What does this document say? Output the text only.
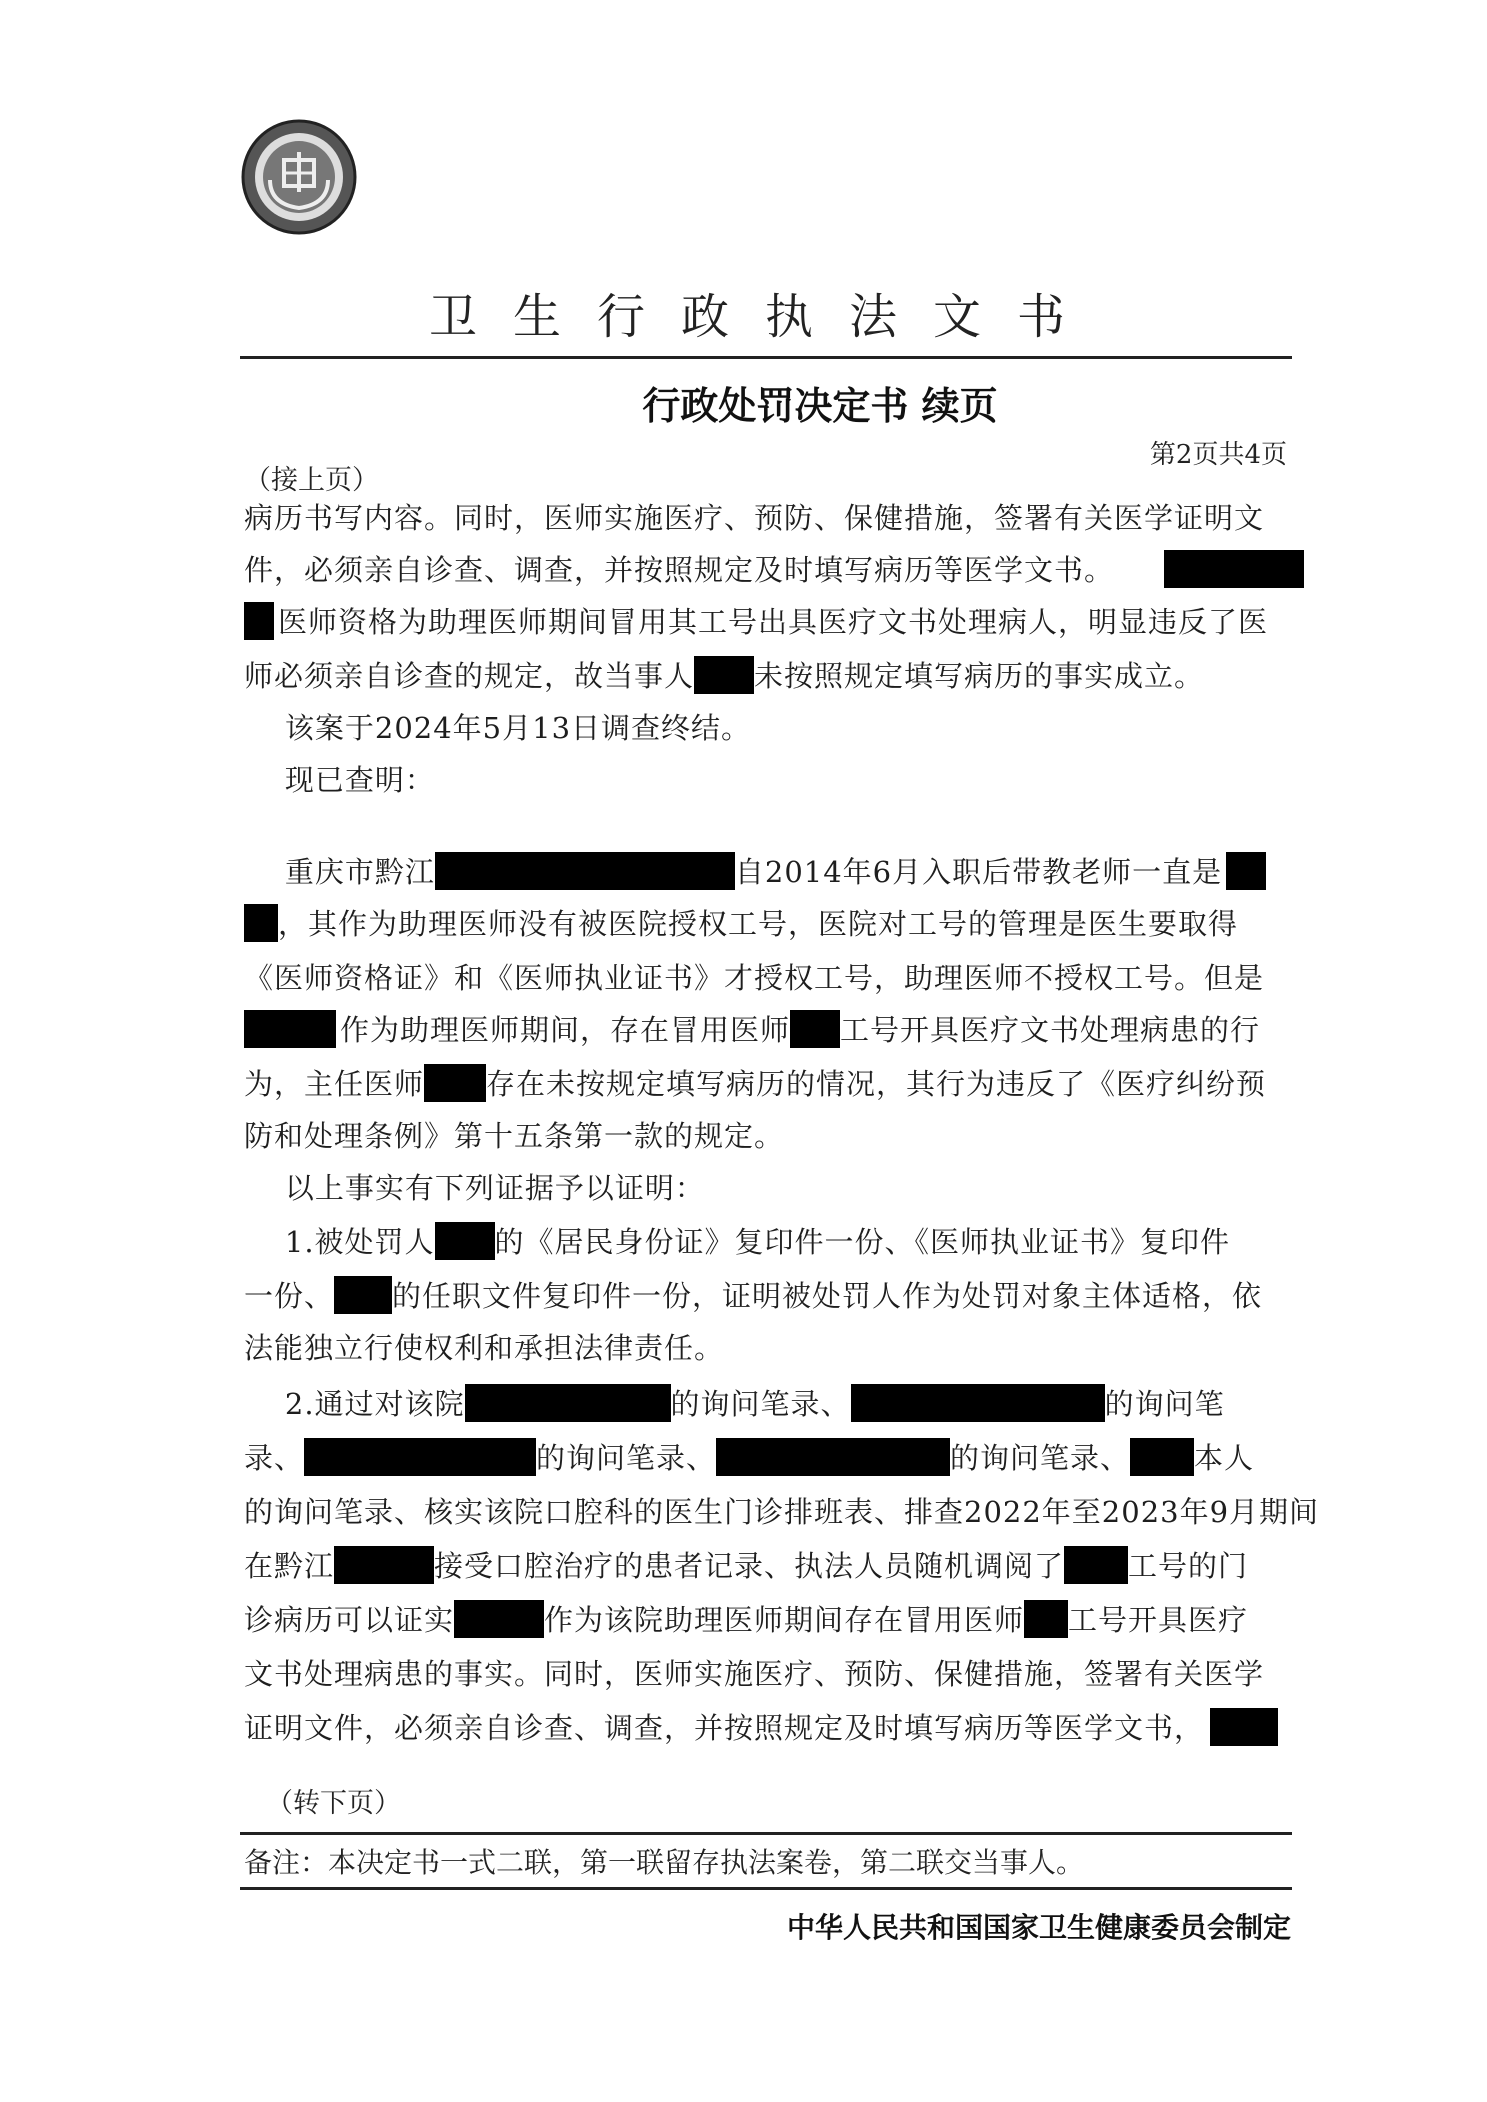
卫生行政执法文书
行政处罚决定书 续页
第2页共4页
（接上页）
病历书写内容。同时，医师实施医疗、预防、保健措施，签署有关医学证明文
件，必须亲自诊查、调查，并按照规定及时填写病历等医学文书。
医师资格为助理医师期间冒用其工号出具医疗文书处理病人，明显违反了医
师必须亲自诊查的规定，故当事人 未按照规定填写病历的事实成立。
该案于2024年5月13日调查终结。
现已查明：
重庆市黔江	自2014年6月入职后带教老师一直是
，其作为助理医师没有被医院授权工号，医院对工号的管理是医生要取得
《医师资格证》和《医师执业证书》才授权工号，助理医师不授权工号。但是
作为助理医师期间，存在冒用医师 工号开具医疗文书处理病患的行
为，主任医师 存在未按规定填写病历的情况，其行为违反了《医疗纠纷预
防和处理条例》第十五条第一款的规定。
以上事实有下列证据予以证明：
1.被处罚人 的《居民身份证》复印件一份、《医师执业证书》复印件
一份、 的任职文件复印件一份，证明被处罚人作为处罚对象主体适格，依
法能独立行使权利和承担法律责任。
2.通过对该院	的询问笔录、	的询问笔
录、	的询问笔录、	的询问笔录、 本人
的询问笔录、核实该院口腔科的医生门诊排班表、排查2022年至2023年9月期间
在黔江	接受口腔治疗的患者记录、执法人员随机调阅了 工号的门
诊病历可以证实	作为该院助理医师期间存在冒用医师 工号开具医疗
文书处理病患的事实。同时，医师实施医疗、预防、保健措施，签署有关医学
证明文件，必须亲自诊查、调查，并按照规定及时填写病历等医学文书，
（转下页）
备注：本决定书一式二联，第一联留存执法案卷，第二联交当事人。
中华人民共和国国家卫生健康委员会制定
